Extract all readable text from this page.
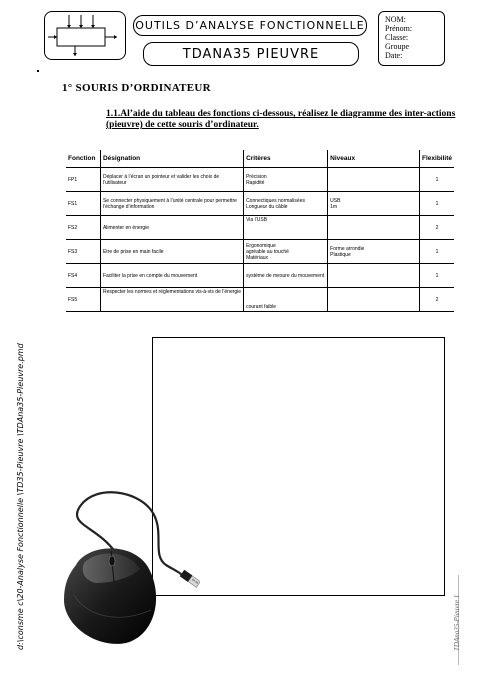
OUTILS D’ANALYSE FONCTIONNELLE
TDANA35 PIEUVRE
NOM:
Prénom:
Classe:
Groupe
Date:
1° SOURIS D’ORDINATEUR
1.1.Al’aide du tableau des fonctions ci-dessous, réalisez le diagramme des inter-actions (pieuvre) de cette souris d’ordinateur.
Fonction	Désignation	Critères	Niveaux	Flexibilité
FP1	Déplacer à l’écran un pointeur et valider les choix de l’utilisateur	Précision
Rapidité		1
FS1	Se connecter physiquement à l’unité centrale pour permettre l’échange d’information	Connectiques normalisées
Longueur du câble	USB
1m	1
FS2	Alimenter en énergie	Via l’USB		2
FS3	Etre de prise en main facile	Ergonomique
agréable au touché
Matériaux	Forme arrondie
Plastique	1
FS4	Faciliter la prise en compte du mouvement	système de mesure du mouvement		1
FS5	Respecter les normes et réglementations vis-à-vis de l’énergie	courant faible		2
d:\consme c\20-Analyse Fonctionnelle \TD35-Pieuvre \TDAna35-Pieuvre.pmd	TDAna35-Pieuvre 1
